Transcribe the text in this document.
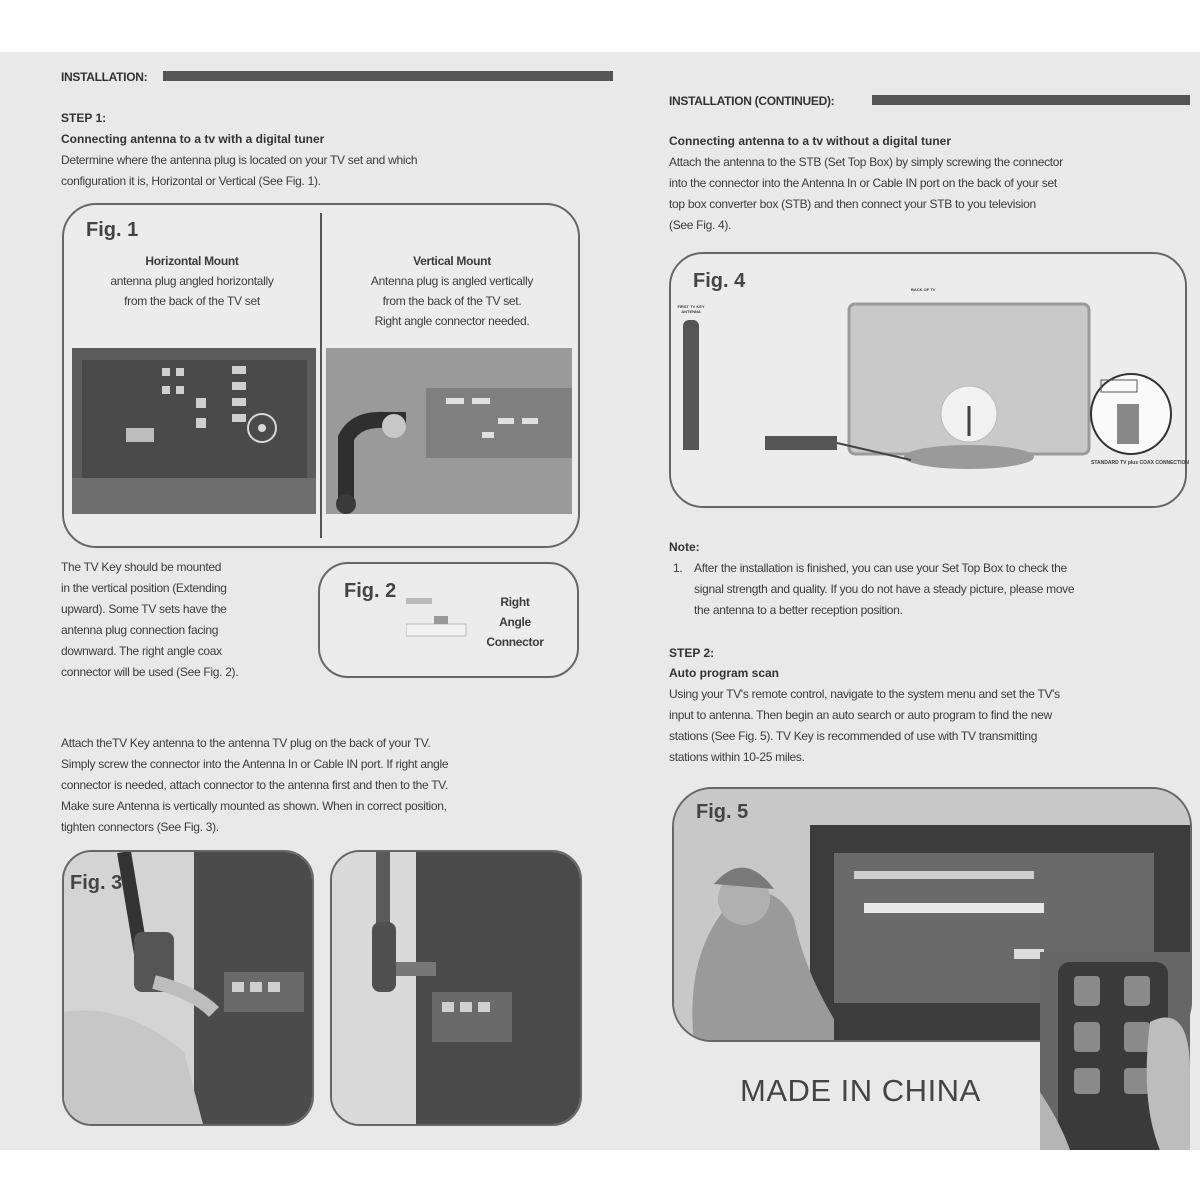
INSTALLATION:
STEP 1:
Connecting antenna to a tv with a digital tuner
Determine where the antenna plug is located on your TV set and which
configuration it is, Horizontal or Vertical (See Fig. 1).
Fig. 1
Horizontal Mount
antenna plug angled horizontally
from the back of the TV set
Vertical Mount
Antenna plug is angled vertically
from the back of the TV set.
Right angle connector needed.
The TV Key should be mounted
in the vertical position (Extending
upward). Some TV sets have the
antenna plug connection facing
downward. The right angle coax
connector will be used (See Fig. 2).
Fig. 2	Right
Angle
Connector
Attach theTV Key antenna to the antenna TV plug on the back of your TV.
Simply screw the connector into the Antenna In or Cable IN port. If right angle
connector is needed, attach connector to the antenna first and then to the TV.
Make sure Antenna is vertically mounted as shown. When in correct position,
tighten connectors (See Fig. 3).
Fig. 3
INSTALLATION (CONTINUED):
Connecting antenna to a tv without a digital tuner
Attach the antenna to the STB (Set Top Box) by simply screwing the connector
into the connector into the Antenna In or Cable IN port on the back of your set
top box converter box (STB) and then connect your STB to you television
(See Fig. 4).
Fig. 4
FIRST TV KEY ANTENNA
BACK OF TV
STANDARD TV plus COAX CONNECTION
Note:
1. After the installation is finished, you can use your Set Top Box to check the
signal strength and quality. If you do not have a steady picture, please move
the antenna to a better reception position.
STEP 2:
Auto program scan
Using your TV's remote control, navigate to the system menu and set the TV's
input to antenna. Then begin an auto search or auto program to find the new
stations (See Fig. 5). TV Key is recommended of use with TV transmitting
stations within 10-25 miles.
Fig. 5
MADE IN CHINA
